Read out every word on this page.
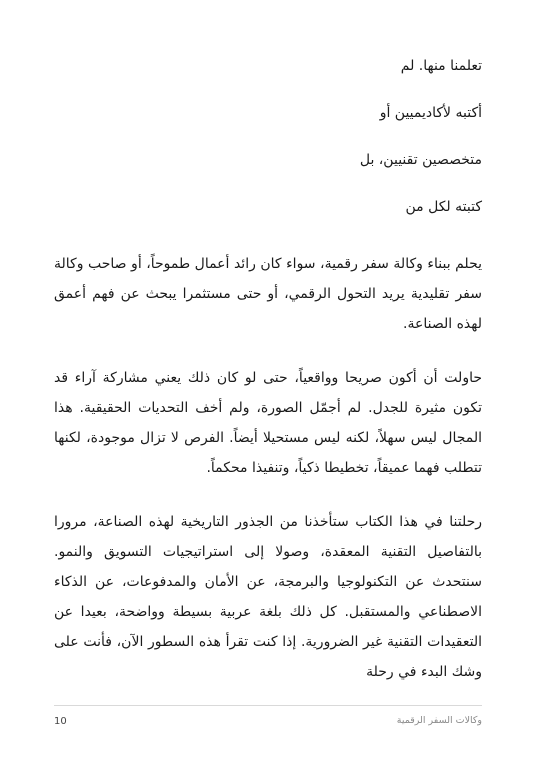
تعلمنا منها. لم

أكتبه لأكاديميين أو

متخصصين تقنيين، بل

كتبته لكل من

يحلم ببناء وكالة سفر رقمية، سواء كان رائد أعمال طموحاً، أو صاحب وكالة سفر تقليدية يريد التحول الرقمي، أو حتى مستثمرا يبحث عن فهم أعمق لهذه الصناعة.

حاولت أن أكون صريحا وواقعياً، حتى لو كان ذلك يعني مشاركة آراء قد تكون مثيرة للجدل. لم أجمّل الصورة، ولم أخف التحديات الحقيقية. هذا المجال ليس سهلاً، لكنه ليس مستحيلا أيضاً. الفرص لا تزال موجودة، لكنها تتطلب فهما عميقاً، تخطيطا ذكياً، وتنفيذا محكماً.

رحلتنا في هذا الكتاب ستأخذنا من الجذور التاريخية لهذه الصناعة، مرورا بالتفاصيل التقنية المعقدة، وصولا إلى استراتيجيات التسويق والنمو. سنتحدث عن التكنولوجيا والبرمجة، عن الأمان والمدفوعات، عن الذكاء الاصطناعي والمستقبل. كل ذلك بلغة عربية بسيطة وواضحة، بعيدا عن التعقيدات التقنية غير الضرورية. إذا كنت تقرأ هذه السطور الآن، فأنت على وشك البدء في رحلة

10	وكالات السفر الرقمية
